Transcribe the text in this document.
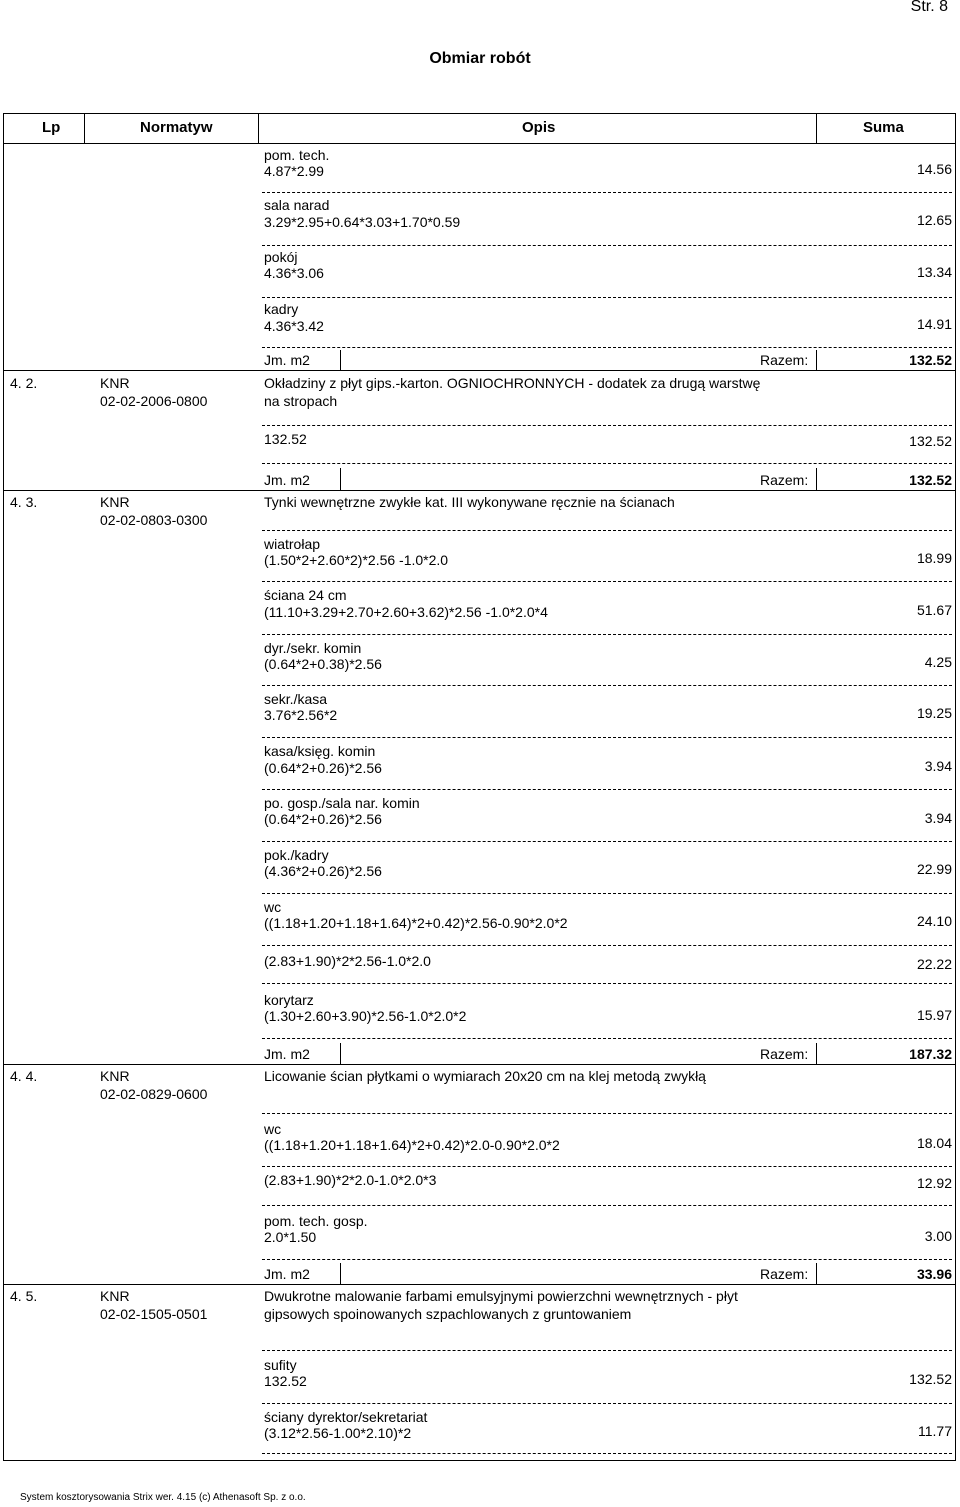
Str. 8
Obmiar robót
Lp	Normatyw	Opis	Suma
pom. tech.
4.87*2.99	14.56
sala narad
3.29*2.95+0.64*3.03+1.70*0.59	12.65
pokój
4.36*3.06	13.34
kadry
4.36*3.42	14.91
Jm. m2	Razem:	132.52
4. 2.	KNR
02-02-2006-0800
Okładziny z płyt gips.-karton. OGNIOCHRONNYCH - dodatek za drugą warstwę
na stropach
132.52	132.52
Jm. m2	Razem:	132.52
4. 3.	KNR
02-02-0803-0300
Tynki wewnętrzne zwykłe kat. III wykonywane ręcznie na ścianach
wiatrołap
(1.50*2+2.60*2)*2.56 -1.0*2.0	18.99
ściana 24 cm
(11.10+3.29+2.70+2.60+3.62)*2.56 -1.0*2.0*4	51.67
dyr./sekr. komin
(0.64*2+0.38)*2.56	4.25
sekr./kasa
3.76*2.56*2	19.25
kasa/księg. komin
(0.64*2+0.26)*2.56	3.94
po. gosp./sala nar. komin
(0.64*2+0.26)*2.56	3.94
pok./kadry
(4.36*2+0.26)*2.56	22.99
wc
((1.18+1.20+1.18+1.64)*2+0.42)*2.56-0.90*2.0*2	24.10
(2.83+1.90)*2*2.56-1.0*2.0	22.22
korytarz
(1.30+2.60+3.90)*2.56-1.0*2.0*2	15.97
Jm. m2	Razem:	187.32
4. 4.	KNR
02-02-0829-0600
Licowanie ścian płytkami o wymiarach 20x20 cm na klej metodą zwykłą
wc
((1.18+1.20+1.18+1.64)*2+0.42)*2.0-0.90*2.0*2	18.04
(2.83+1.90)*2*2.0-1.0*2.0*3	12.92
pom. tech. gosp.
2.0*1.50	3.00
Jm. m2	Razem:	33.96
4. 5.	KNR
02-02-1505-0501
Dwukrotne malowanie farbami emulsyjnymi powierzchni wewnętrznych - płyt
gipsowych spoinowanych szpachlowanych z gruntowaniem
sufity
132.52	132.52
ściany dyrektor/sekretariat
(3.12*2.56-1.00*2.10)*2	11.77
System kosztorysowania Strix wer. 4.15 (c) Athenasoft Sp. z o.o.
